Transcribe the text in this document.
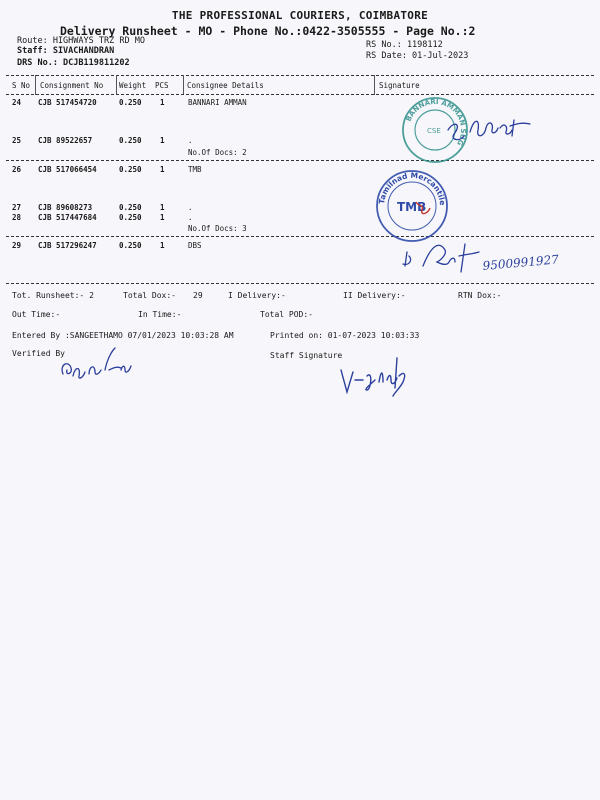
THE PROFESSIONAL COURIERS, COIMBATORE
Delivery Runsheet - MO - Phone No.:0422-3505555 - Page No.:2
Route: HIGHWAYS TRZ RD MO
Staff: SIVACHANDRAN
DRS No.: DCJB119811202
RS No.: 1198112
RS Date: 01-Jul-2023
S No Consignment No Weight PCS Consignee Details	Signature
24 CJB 517454720	0.250 1	BANNARI AMMAN
25 CJB 89522657	0.250 1	.
No.Of Docs: 2
26 CJB 517066454	0.250 1	TMB
27 CJB 89608273	0.250 1	.
28 CJB 517447684	0.250 1	.
No.Of Docs: 3
29 CJB 517296247	0.250 1	DBS
BANNARI AMMAN SUG
CSE
Tamilnad Mercantile Bank
TMB
9500991927
Tot. Runsheet:- 2	Total Dox:- 29	I Delivery:-	II Delivery:-	RTN Dox:-
Out Time:-	In Time:-	Total POD:-
Entered By :SANGEETHAMO 07/01/2023 10:03:28 AM	Printed on: 01-07-2023 10:03:33
Verified By	Staff Signature
